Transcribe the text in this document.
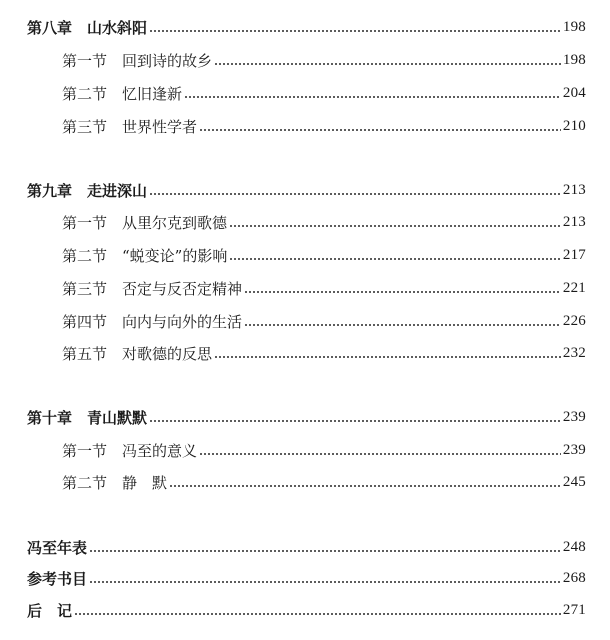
第八章　山水斜阳	198
第一节　回到诗的故乡	198
第二节　忆旧逢新	204
第三节　世界性学者	210
第九章　走进深山	213
第一节　从里尔克到歌德	213
第二节　“蜕变论”的影响	217
第三节　否定与反否定精神	221
第四节　向内与向外的生活	226
第五节　对歌德的反思	232
第十章　青山默默	239
第一节　冯至的意义	239
第二节　静　默	245
冯至年表	248
参考书目	268
后　记	271
